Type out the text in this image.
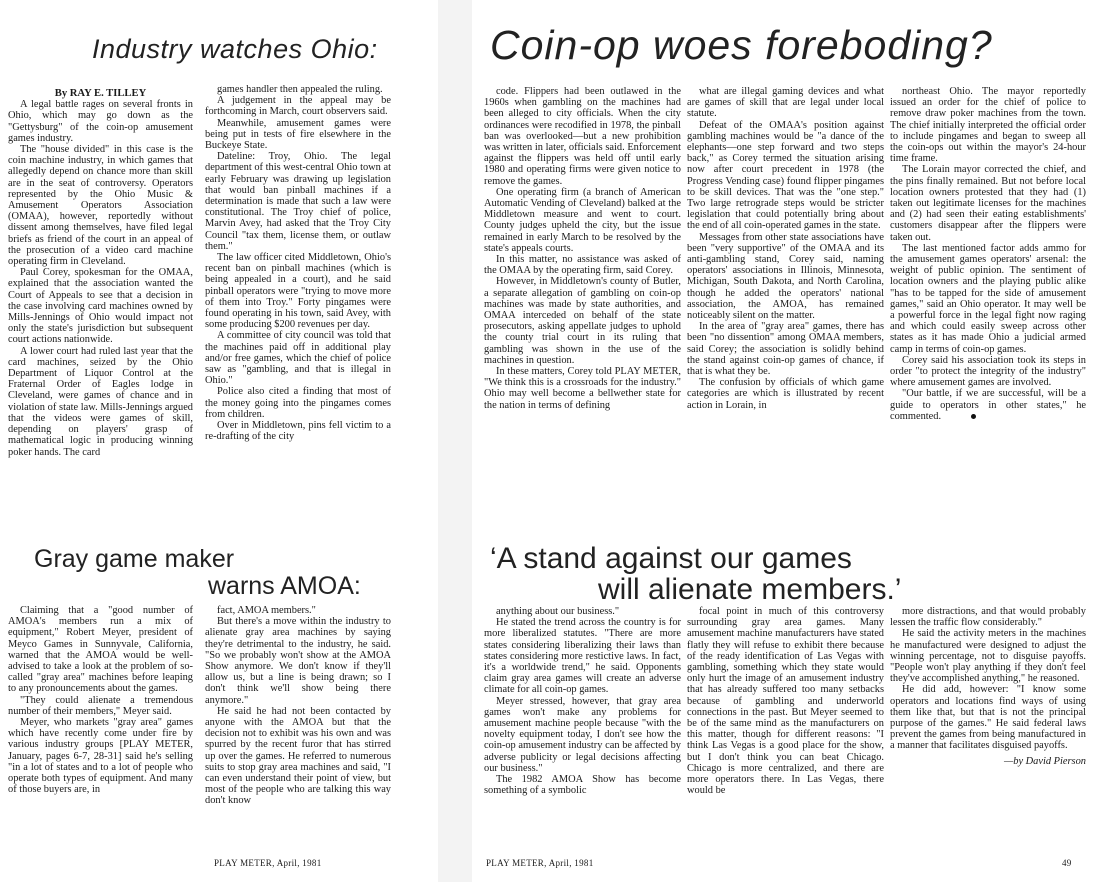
Industry watches Ohio:

By RAY E. TILLEY

A legal battle rages on several fronts in Ohio, which may go down as the "Gettysburg" of the coin-op amusement games industry.

The "house divided" in this case is the coin machine industry, in which games that allegedly depend on chance more than skill are in the seat of controversy. Operators represented by the Ohio Music & Amusement Operators Association (OMAA), however, reportedly without dissent among themselves, have filed legal briefs as friend of the court in an appeal of the prosecution of a video card machine operating firm in Cleveland.

Paul Corey, spokesman for the OMAA, explained that the association wanted the Court of Appeals to see that a decision in the case involving card machines owned by Mills-Jennings of Ohio would impact not only the state's jurisdiction but subsequent court actions nationwide.

A lower court had ruled last year that the card machines, seized by the Ohio Department of Liquor Control at the Fraternal Order of Eagles lodge in Cleveland, were games of chance and in violation of state law. Mills-Jennings argued that the videos were games of skill, depending on players' grasp of mathematical logic in producing winning poker hands. The card

games handler then appealed the ruling.

A judgement in the appeal may be forthcoming in March, court observers said.

Meanwhile, amusement games were being put in tests of fire elsewhere in the Buckeye State.

Dateline: Troy, Ohio. The legal department of this west-central Ohio town at early February was drawing up legislation that would ban pinball machines if a determination is made that such a law were constitutional. The Troy chief of police, Marvin Avey, had asked that the Troy City Council "tax them, license them, or outlaw them."

The law officer cited Middletown, Ohio's recent ban on pinball machines (which is being appealed in a court), and he said pinball operators were "trying to move more of them into Troy." Forty pingames were found operating in his town, said Avey, with some producing $200 revenues per day.

A committee of city council was told that the machines paid off in additional play and/or free games, which the chief of police saw as "gambling, and that is illegal in Ohio."

Police also cited a finding that most of the money going into the pingames comes from children.

Over in Middletown, pins fell victim to a re-drafting of the city

Gray game maker
warns AMOA:

Claiming that a "good number of AMOA's members run a mix of equipment," Robert Meyer, president of Meyco Games in Sunnyvale, California, warned that the AMOA would be well-advised to take a look at the problem of so-called "gray area" machines before leaping to any pronouncements about the games.

"They could alienate a tremendous number of their members," Meyer said.

Meyer, who markets "gray area" games which have recently come under fire by various industry groups [PLAY METER, January, pages 6-7, 28-31] said he's selling "in a lot of states and to a lot of people who operate both types of equipment. And many of those buyers are, in

fact, AMOA members."

But there's a move within the industry to alienate gray area machines by saying they're detrimental to the industry, he said. "So we probably won't show at the AMOA Show anymore. We don't know if they'll allow us, but a line is being drawn; so I don't think we'll show being there anymore."

He said he had not been contacted by anyone with the AMOA but that the decision not to exhibit was his own and was spurred by the recent furor that has stirred up over the games. He referred to numerous suits to stop gray area machines and said, "I can even understand their point of view, but most of the people who are talking this way don't know

PLAY METER, April, 1981
Coin-op woes foreboding?

code. Flippers had been outlawed in the 1960s when gambling on the machines had been alleged to city officials. When the city ordinances were recodified in 1978, the pinball ban was overlooked—but a new prohibition was written in later, officials said. Enforcement against the flippers was held off until early 1980 and operating firms were given notice to remove the games.

One operating firm (a branch of American Automatic Vending of Cleveland) balked at the Middletown measure and went to court. County judges upheld the city, but the issue remained in early March to be resolved by the state's appeals courts.

In this matter, no assistance was asked of the OMAA by the operating firm, said Corey.

However, in Middletown's county of Butler, a separate allegation of gambling on coin-op machines was made by state authorities, and OMAA interceded on behalf of the state prosecutors, asking appellate judges to uphold the county trial court in its ruling that gambling was shown in the use of the machines in question.

In these matters, Corey told PLAY METER, "We think this is a crossroads for the industry." Ohio may well become a bellwether state for the nation in terms of defining

what are illegal gaming devices and what are games of skill that are legal under local statute.

Defeat of the OMAA's position against gambling machines would be "a dance of the elephants—one step forward and two steps back," as Corey termed the situation arising now after court precedent in 1978 (the Progress Vending case) found flipper pingames to be skill devices. That was the "one step." Two large retrograde steps would be stricter legislation that could potentially bring about the end of all coin-operated games in the state.

Messages from other state associations have been "very supportive" of the OMAA and its anti-gambling stand, Corey said, naming operators' associations in Illinois, Minnesota, Michigan, South Dakota, and North Carolina, though he added the operators' national association, the AMOA, has remained noticeably silent on the matter.

In the area of "gray area" games, there has been "no dissention" among OMAA members, said Corey; the association is solidly behind the stand against coin-op games of chance, if that is what they be.

The confusion by officials of which game categories are which is illustrated by recent action in Lorain, in

northeast Ohio. The mayor reportedly issued an order for the chief of police to remove draw poker machines from the town. The chief initially interpreted the official order to include pingames and began to sweep all the coin-ops out within the mayor's 24-hour time frame.

The Lorain mayor corrected the chief, and the pins finally remained. But not before local location owners protested that they had (1) taken out legitimate licenses for the machines and (2) had seen their eating establishments' customers disappear after the flippers were taken out.

The last mentioned factor adds ammo for the amusement games operators' arsenal: the weight of public opinion. The sentiment of location owners and the playing public alike "has to be tapped for the side of amusement games," said an Ohio operator. It may well be a powerful force in the legal fight now raging and which could easily sweep across other states as it has made Ohio a judicial armed camp in terms of coin-op games.

Corey said his association took its steps in order "to protect the integrity of the industry" where amusement games are involved.

"Our battle, if we are successful, will be a guide to operators in other states," he commented.

‘A stand against our games
will alienate members.’

anything about our business."

He stated the trend across the country is for more liberalized statutes. "There are more states considering liberalizing their laws than states considering more restictive laws. In fact, it's a worldwide trend," he said. Opponents claim gray area games will create an adverse climate for all coin-op games.

Meyer stressed, however, that gray area games won't make any problems for amusement machine people because "with the novelty equipment today, I don't see how the coin-op amusement industry can be affected by adverse publicity or legal decisions affecting our business."

The 1982 AMOA Show has become something of a symbolic

focal point in much of this controversy surrounding gray area games. Many amusement machine manufacturers have stated flatly they will refuse to exhibit there because of the ready identification of Las Vegas with gambling, something which they state would only hurt the image of an amusement industry that has already suffered too many setbacks because of gambling and underworld connections in the past. But Meyer seemed to be of the same mind as the manufacturers on this matter, though for different reasons: "I think Las Vegas is a good place for the show, but I don't think you can beat Chicago. Chicago is more centralized, and there are more operators there. In Las Vegas, there would be

more distractions, and that would probably lessen the traffic flow considerably."

He said the activity meters in the machines he manufactured were designed to adjust the winning percentage, not to disguise payoffs. "People won't play anything if they don't feel they've accomplished anything," he reasoned.

He did add, however: "I know some operators and locations find ways of using them like that, but that is not the principal purpose of the games." He said federal laws prevent the games from being manufactured in a manner that facilitates disguised payoffs.

—by David Pierson

PLAY METER, April, 1981	49
